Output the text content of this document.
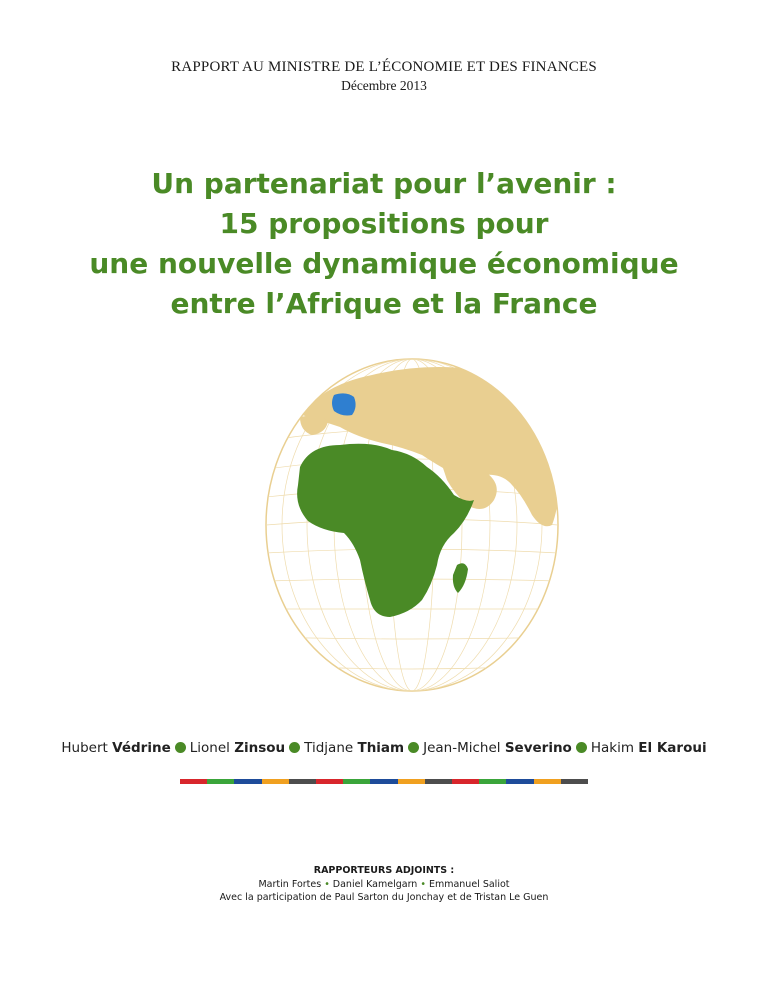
RAPPORT AU MINISTRE DE L’ÉCONOMIE ET DES FINANCES
Décembre 2013
Un partenariat pour l’avenir :
15 propositions pour
une nouvelle dynamique économique
entre l’Afrique et la France
Hubert Védrine Lionel Zinsou Tidjane Thiam Jean-Michel Severino Hakim El Karoui
RAPPORTEURS ADJOINTS :
Martin Fortes • Daniel Kamelgarn • Emmanuel Saliot
Avec la participation de Paul Sarton du Jonchay et de Tristan Le Guen
